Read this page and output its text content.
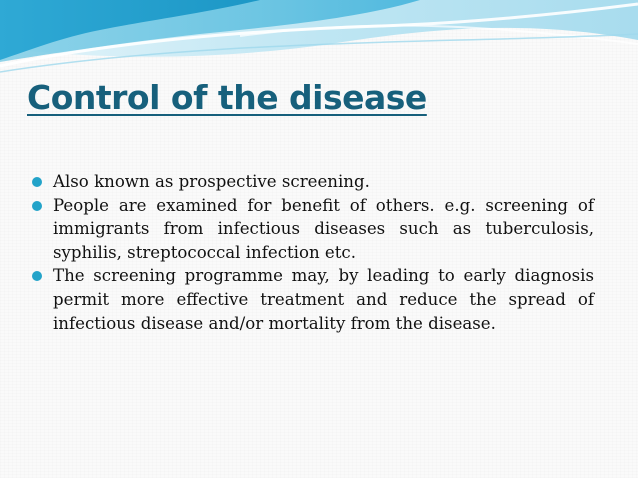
Control of the disease
Also known as prospective screening.
People are examined for benefit of others. e.g. screening of immigrants from infectious diseases such as tuberculosis, syphilis, streptococcal infection etc.
The screening programme may, by leading to early diagnosis permit more effective treatment and reduce the spread of infectious disease and/or mortality from the disease.
